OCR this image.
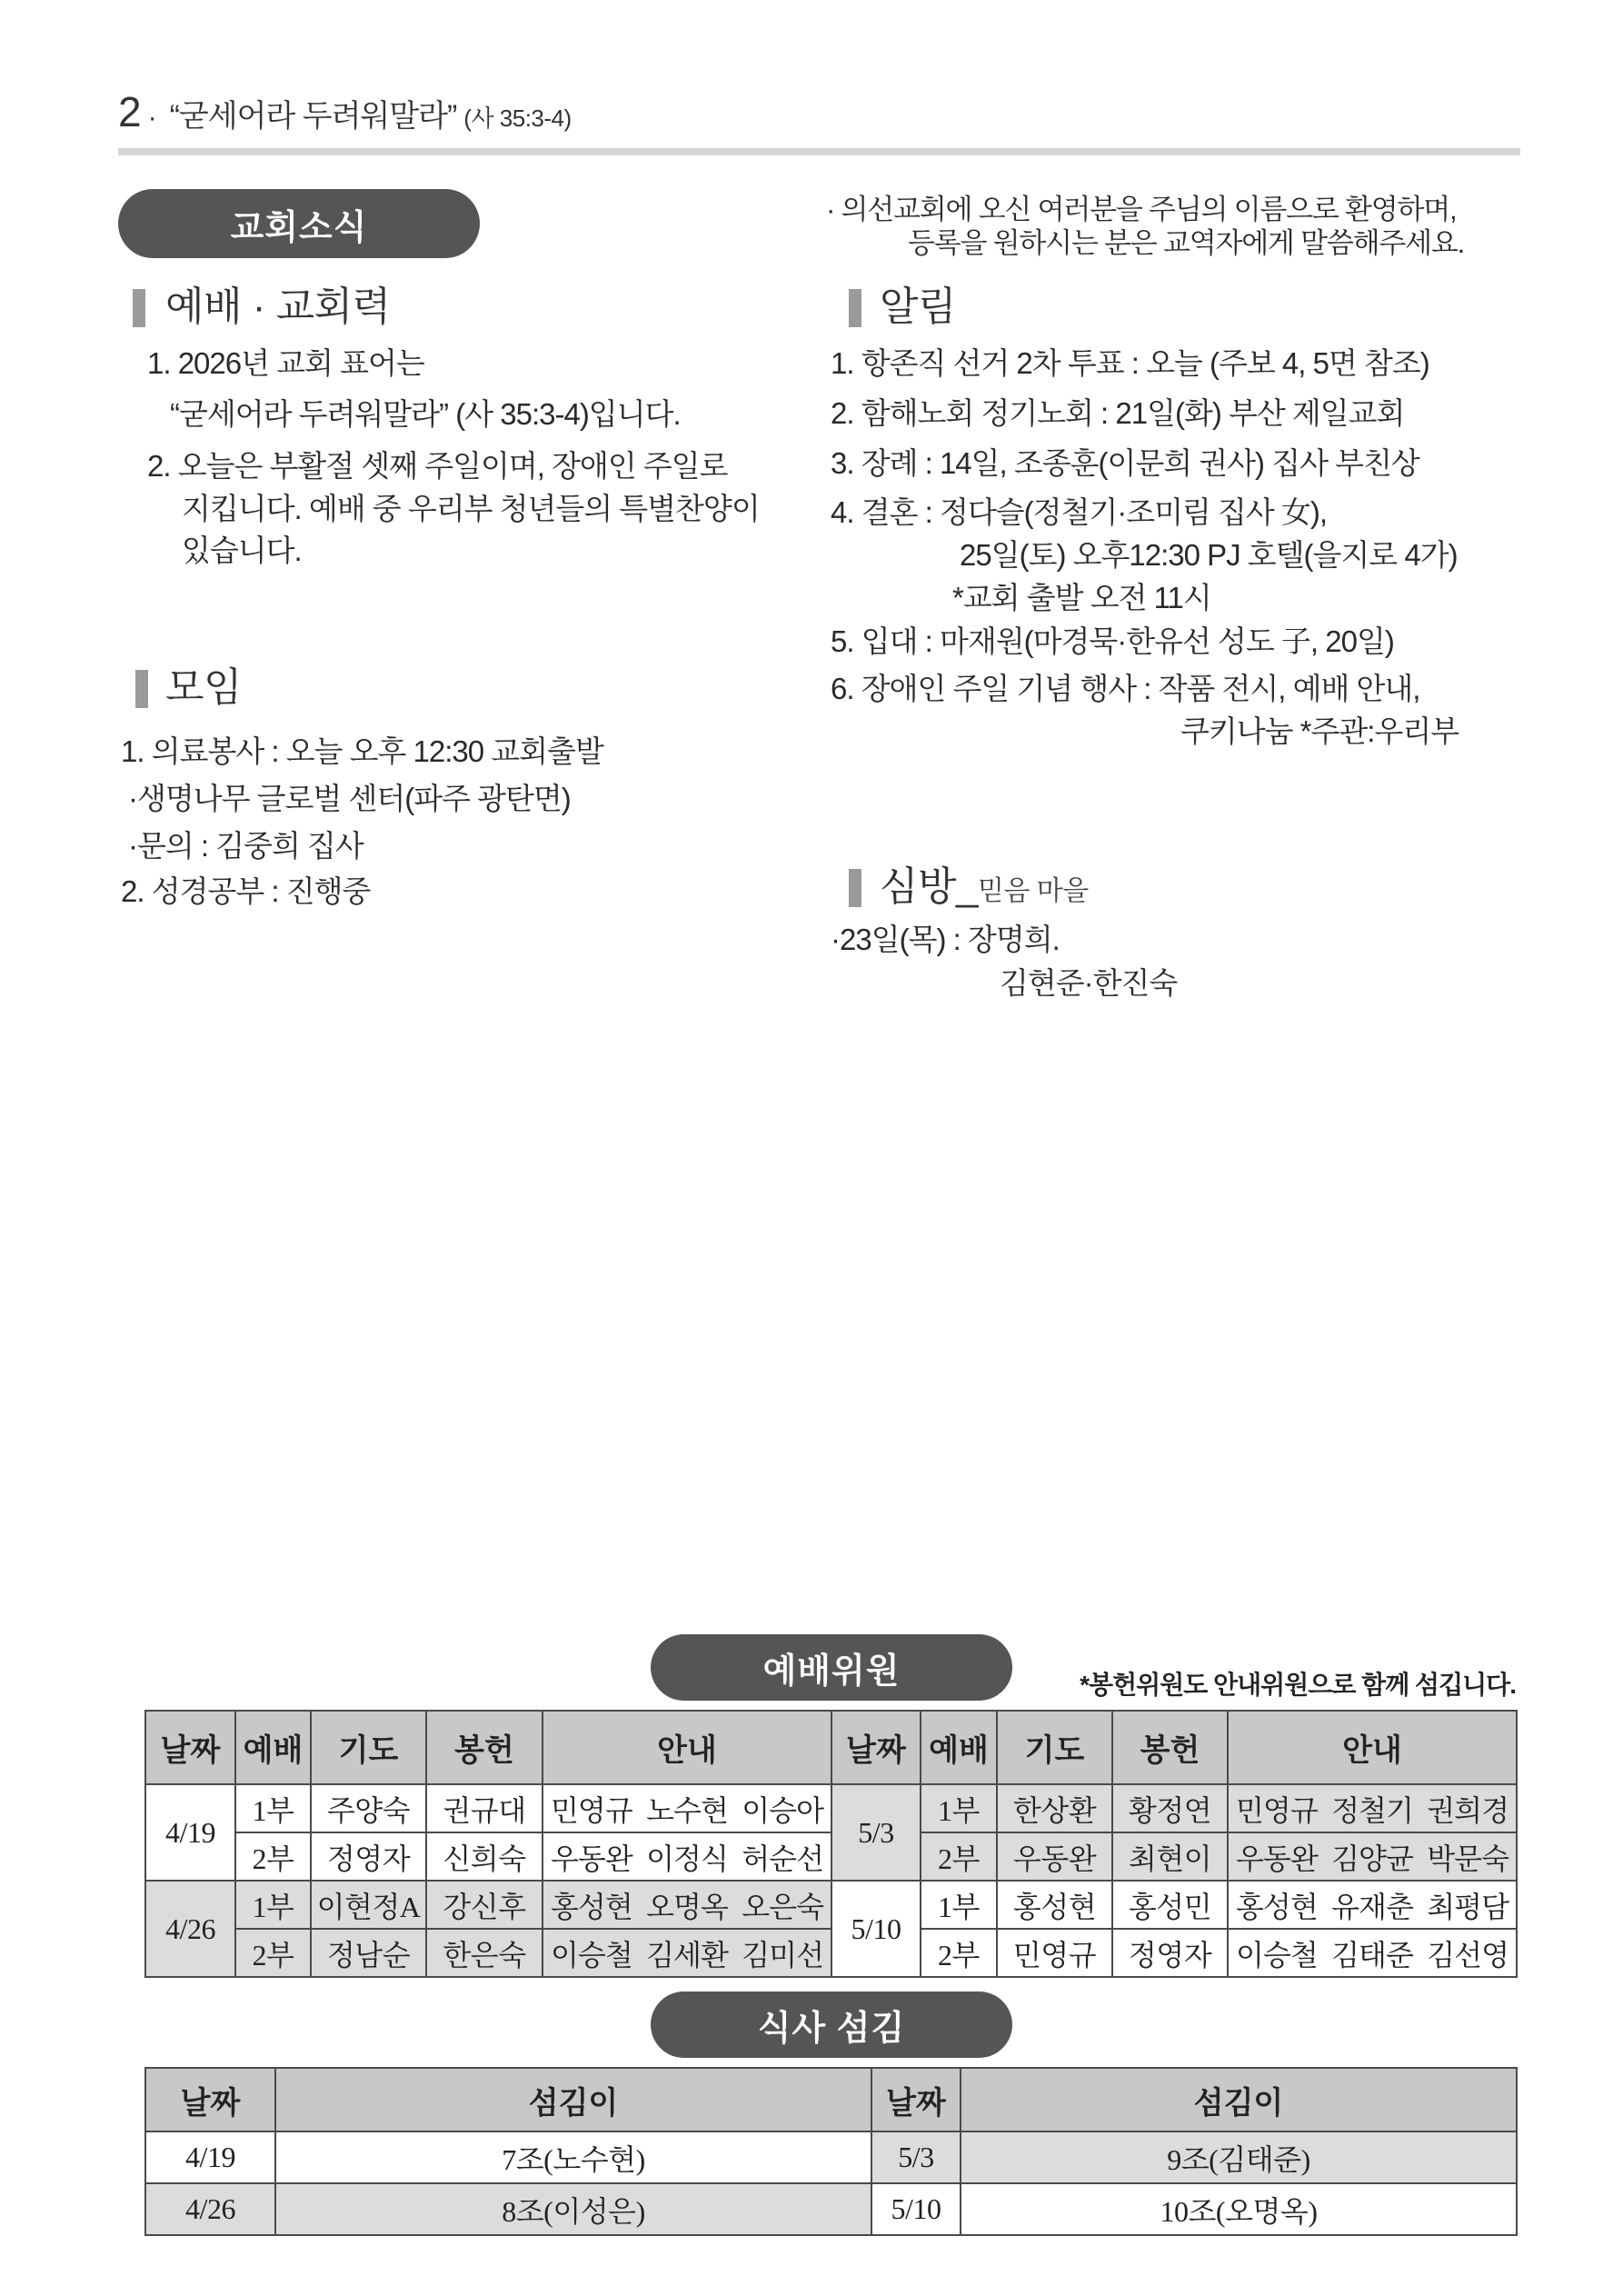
2 · “굳세어라 두려워말라” (사 35:3-4)
교회소식
예배 · 교회력
1. 2026년 교회 표어는
“굳세어라 두려워말라” (사 35:3-4)입니다.
2. 오늘은 부활절 셋째 주일이며, 장애인 주일로
지킵니다. 예배 중 우리부 청년들의 특별찬양이
있습니다.
모임
1. 의료봉사 : 오늘 오후 12:30 교회출발
·생명나무 글로벌 센터(파주 광탄면)
·문의 : 김중희 집사
2. 성경공부 : 진행중
· 의선교회에 오신 여러분을 주님의 이름으로 환영하며,
등록을 원하시는 분은 교역자에게 말씀해주세요.
알림
1. 항존직 선거 2차 투표 : 오늘 (주보 4, 5면 참조)
2. 함해노회 정기노회 : 21일(화) 부산 제일교회
3. 장례 : 14일, 조종훈(이문희 권사) 집사 부친상
4. 결혼 : 정다슬(정철기·조미림 집사 女),
25일(토) 오후12:30 PJ 호텔(을지로 4가)
*교회 출발 오전 11시
5. 입대 : 마재원(마경묵·한유선 성도 子, 20일)
6. 장애인 주일 기념 행사 : 작품 전시, 예배 안내,
쿠키나눔 *주관:우리부
심방_믿음 마을
·23일(목) : 장명희.
김현준·한진숙
예배위원	*봉헌위원도 안내위원으로 함께 섬깁니다.
날짜	예배	기도	봉헌	안내	날짜	예배	기도	봉헌	안내
4/19	1부	주양숙	권규대	민영규 노수현 이승아	5/3	1부	한상환	황정연	민영규 정철기 권희경
	2부	정영자	신희숙	우동완 이정식 허순선		2부	우동완	최현이	우동완 김양균 박문숙
4/26	1부	이현정A	강신후	홍성현 오명옥 오은숙	5/10	1부	홍성현	홍성민	홍성현 유재춘 최평담
	2부	정남순	한은숙	이승철 김세환 김미선		2부	민영규	정영자	이승철 김태준 김선영
식사 섬김
날짜	섬김이	날짜	섬김이
4/19	7조(노수현)	5/3	9조(김태준)
4/26	8조(이성은)	5/10	10조(오명옥)
